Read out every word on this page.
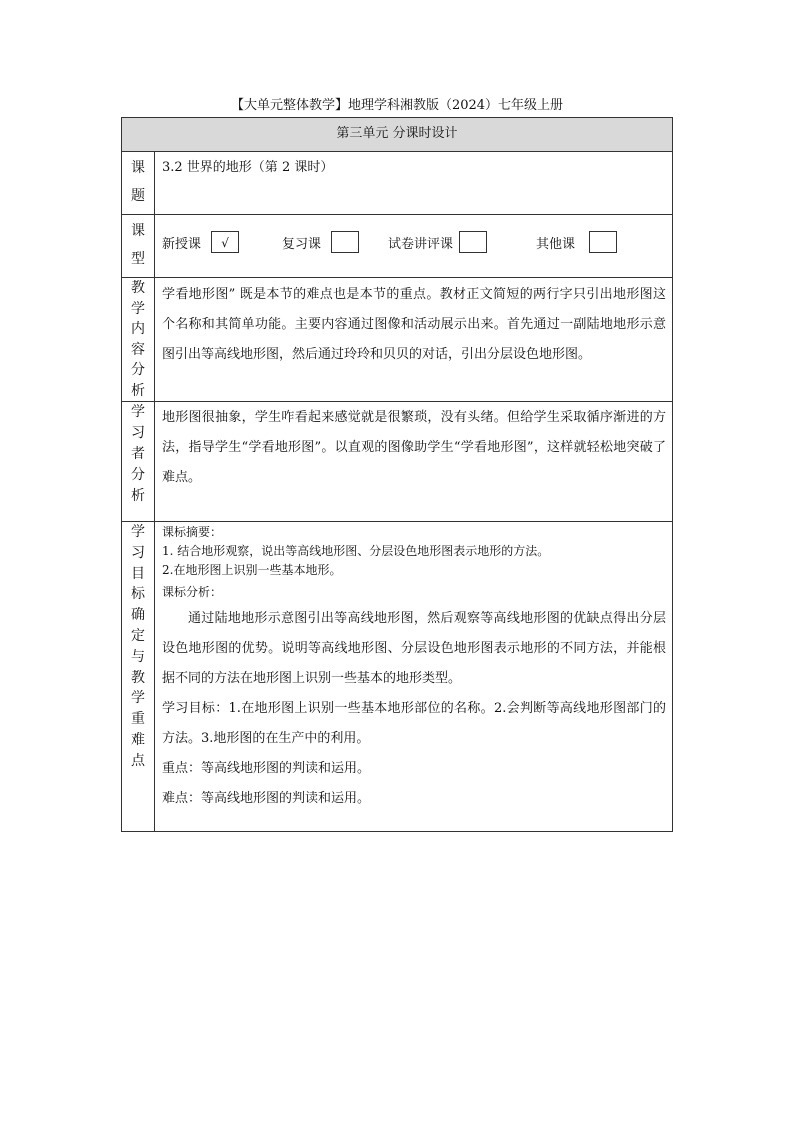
【大单元整体教学】地理学科湘教版（2024）七年级上册
第三单元 分课时设计
课
题
3.2 世界的地形（第 2 课时）
课
型
新授课	√	复习课	试卷讲评课	其他课
教
学
内
容
分
析

学看地形图” 既是本节的难点也是本节的重点。教材正文简短的两行字只引出地形图这个名称和其简单功能。主要内容通过图像和活动展示出来。首先通过一副陆地地形示意图引出等高线地形图，然后通过玲玲和贝贝的对话，引出分层设色地形图。

学
习
者
分
析

地形图很抽象，学生咋看起来感觉就是很繁琐，没有头绪。但给学生采取循序渐进的方法，指导学生“学看地形图”。以直观的图像助学生“学看地形图”，这样就轻松地突破了难点。

学
习
目
标
确
定
与
教
学
重
难
点

课标摘要：

1. 结合地形观察，说出等高线地形图、分层设色地形图表示地形的方法。

2.在地形图上识别一些基本地形。

课标分析：

通过陆地地形示意图引出等高线地形图，然后观察等高线地形图的优缺点得出分层设色地形图的优势。说明等高线地形图、分层设色地形图表示地形的不同方法，并能根据不同的方法在地形图上识别一些基本的地形类型。

学习目标：1.在地形图上识别一些基本地形部位的名称。2.会判断等高线地形图部门的方法。3.地形图的在生产中的利用。

重点：等高线地形图的判读和运用。

难点：等高线地形图的判读和运用。
